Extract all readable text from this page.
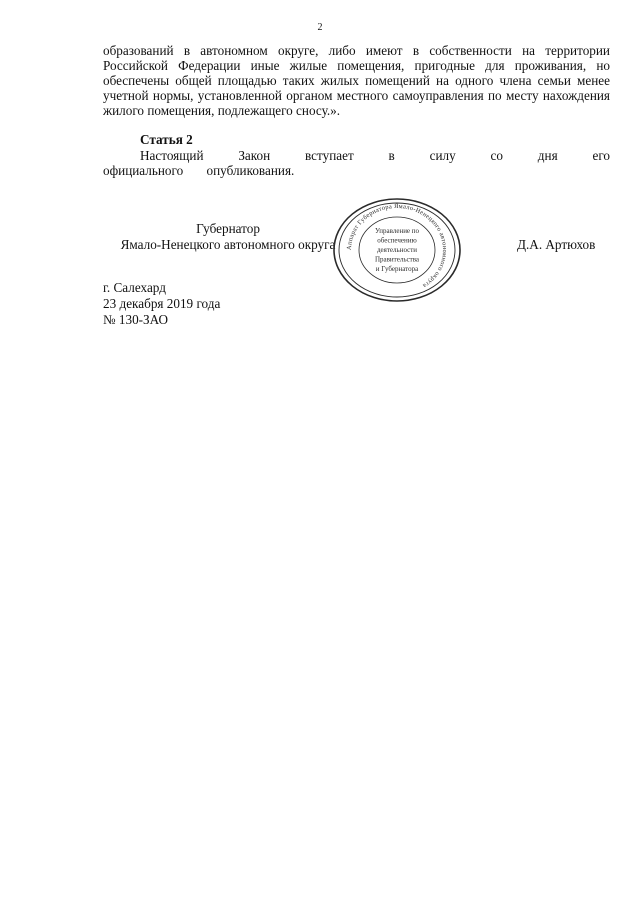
2
образований в автономном округе, либо имеют в собственности на территории Российской Федерации иные жилые помещения, пригодные для проживания, но обеспечены общей площадью таких жилых помещений на одного члена семьи менее учетной нормы, установленной органом местного самоуправления по месту нахождения жилого помещения, подлежащего сносу.».
Статья 2
Настоящий Закон вступает в силу со дня его официального опубликования.
Губернатор
Ямало-Ненецкого автономного округа	Аппарат Губернатора Ямало-Ненецкого автономного округа
Управление по
обеспечению
деятельности
Правительства
и Губернатора
Д.А. Артюхов
г. Салехард
23 декабря 2019 года
№ 130-ЗАО
